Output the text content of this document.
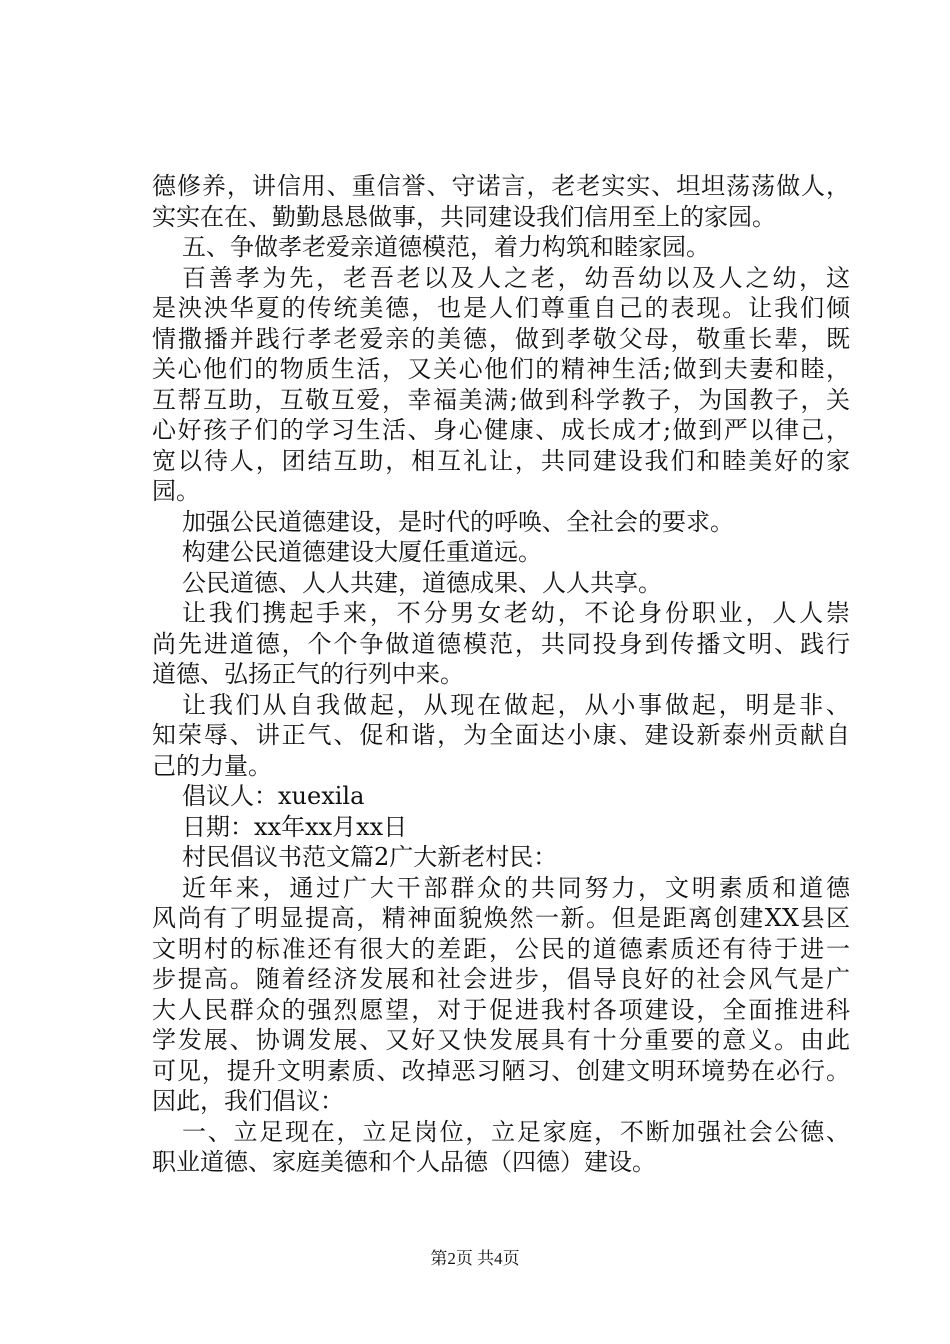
德修养，讲信用、重信誉、守诺言，老老实实、坦坦荡荡做人，
实实在在、勤勤恳恳做事，共同建设我们信用至上的家园。
五、争做孝老爱亲道德模范，着力构筑和睦家园。
百善孝为先，老吾老以及人之老，幼吾幼以及人之幼，这
是泱泱华夏的传统美德，也是人们尊重自己的表现。让我们倾
情撒播并践行孝老爱亲的美德，做到孝敬父母，敬重长辈，既
关心他们的物质生活，又关心他们的精神生活;做到夫妻和睦，
互帮互助，互敬互爱，幸福美满;做到科学教子，为国教子，关
心好孩子们的学习生活、身心健康、成长成才;做到严以律己，
宽以待人，团结互助，相互礼让，共同建设我们和睦美好的家
园。
加强公民道德建设，是时代的呼唤、全社会的要求。
构建公民道德建设大厦任重道远。
公民道德、人人共建，道德成果、人人共享。
让我们携起手来，不分男女老幼，不论身份职业，人人崇
尚先进道德，个个争做道德模范，共同投身到传播文明、践行
道德、弘扬正气的行列中来。
让我们从自我做起，从现在做起，从小事做起，明是非、
知荣辱、讲正气、促和谐，为全面达小康、建设新泰州贡献自
己的力量。
倡议人：xuexila
日期：xx年xx月xx日
村民倡议书范文篇2广大新老村民：
近年来，通过广大干部群众的共同努力，文明素质和道德
风尚有了明显提高，精神面貌焕然一新。但是距离创建XX县区
文明村的标准还有很大的差距，公民的道德素质还有待于进一
步提高。随着经济发展和社会进步，倡导良好的社会风气是广
大人民群众的强烈愿望，对于促进我村各项建设，全面推进科
学发展、协调发展、又好又快发展具有十分重要的意义。由此
可见，提升文明素质、改掉恶习陋习、创建文明环境势在必行。
因此，我们倡议：
一、立足现在，立足岗位，立足家庭，不断加强社会公德、
职业道德、家庭美德和个人品德（四德）建设。
第2页 共4页
